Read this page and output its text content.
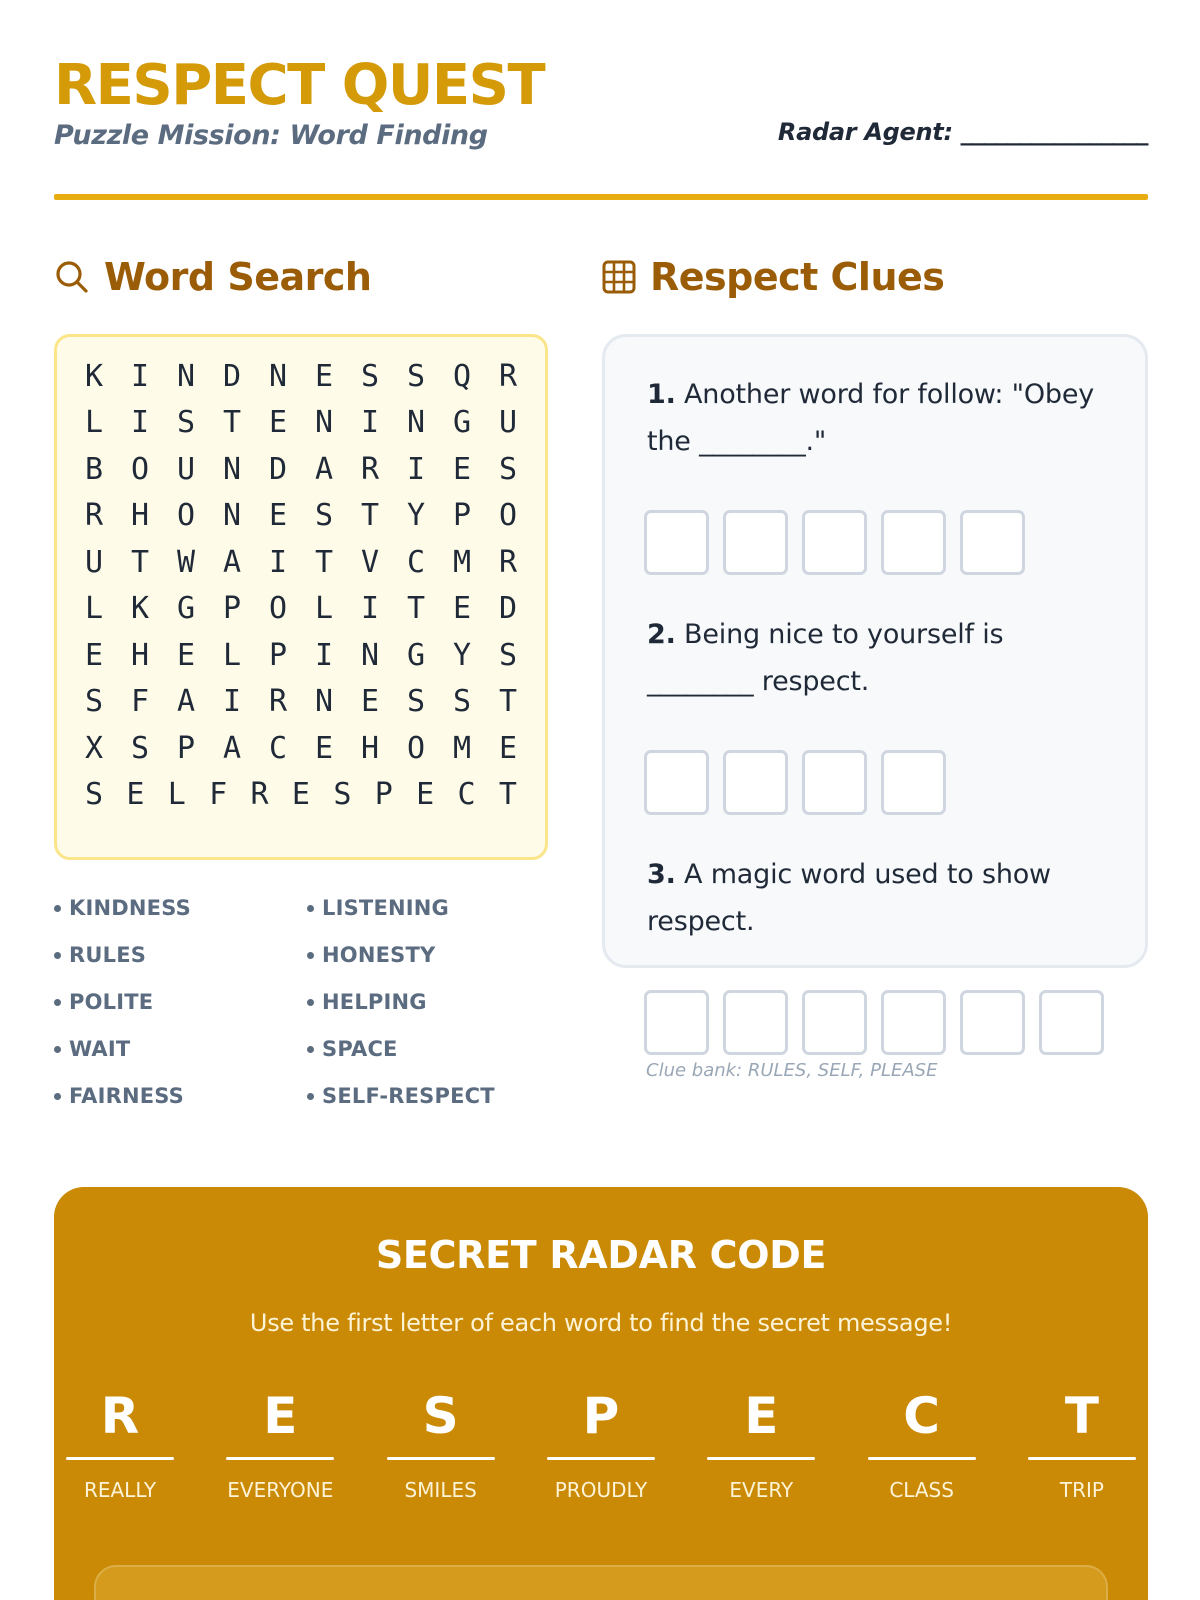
RESPECT QUEST
Puzzle Mission: Word Finding	Radar Agent: ________________
Word Search	Respect Clues
K I N D N E S S Q R
L I S T E N I N G U
B O U N D A R I E S
R H O N E S T Y P O
U T W A I T V C M R
L K G P O L I T E D
E H E L P I N G Y S
S F A I R N E S S T
X S P A C E H O M E
S E L F R E S P E C T
KINDNESS	LISTENING
RULES	HONESTY
POLITE	HELPING
WAIT	SPACE
FAIRNESS	SELF-RESPECT
1. Another word for follow: "Obey the ________."
2. Being nice to yourself is ________ respect.
3. A magic word used to show respect.
Clue bank: RULES, SELF, PLEASE
SECRET RADAR CODE
Use the first letter of each word to find the secret message!
R
REALLY
E
EVERYONE
S
SMILES
P
PROUDLY
E
EVERY
C
CLASS
T
TRIP
